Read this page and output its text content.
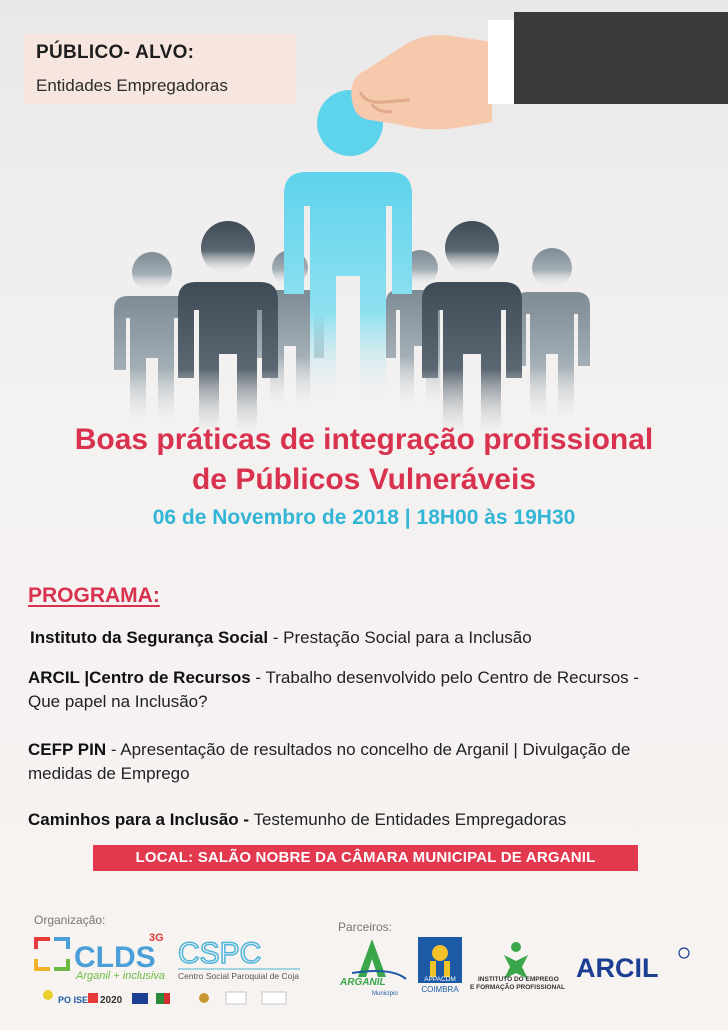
PÚBLICO- ALVO:
Entidades Empregadoras
Boas práticas de integração profissional
de Públicos Vulneráveis
06 de Novembro de 2018 | 18H00 às 19H30
PROGRAMA:
Instituto da Segurança Social - Prestação Social para a Inclusão
ARCIL |Centro de Recursos - Trabalho desenvolvido pelo Centro de Recursos - Que papel na Inclusão?
CEFP PIN - Apresentação de resultados no concelho de Arganil | Divulgação de medidas de Emprego
Caminhos para a Inclusão - Testemunho de Entidades Empregadoras
LOCAL: SALÃO NOBRE DA CÂMARA MUNICIPAL DE ARGANIL
Organização:	Parceiros:
CLDS
3G
Arganil + inclusiva
CSPC
Centro Social Paroquial de Coja
PO ISE 2020
ARGANIL
Município
APPACDM
COIMBRA
INSTITUTO DO EMPREGO
E FORMAÇÃO PROFISSIONAL
ARCIL
